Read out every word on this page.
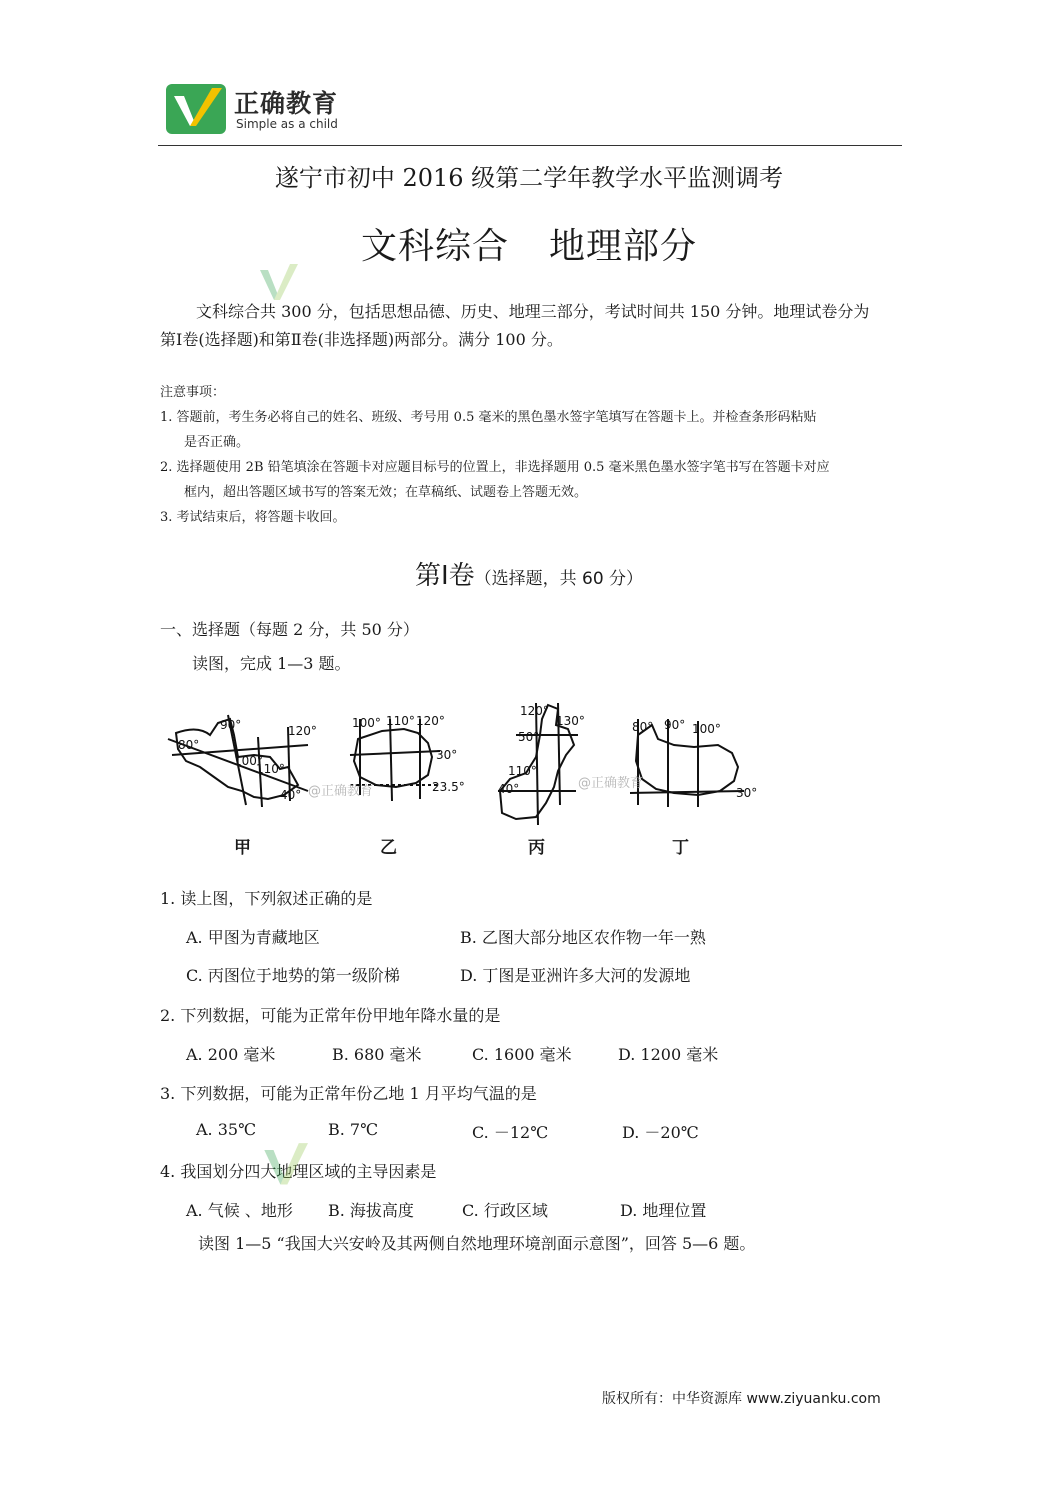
正确教育
Simple as a child
遂宁市初中 2016 级第二学年教学水平监测调考
文科综合 地理部分
文科综合共 300 分，包括思想品德、历史、地理三部分，考试时间共 150 分钟。地理试卷分为
第Ⅰ卷(选择题)和第Ⅱ卷(非选择题)两部分。满分 100 分。
注意事项：
1. 答题前，考生务必将自己的姓名、班级、考号用 0.5 毫米的黑色墨水签字笔填写在答题卡上。并检查条形码粘贴
是否正确。
2. 选择题使用 2B 铅笔填涂在答题卡对应题目标号的位置上，非选择题用 0.5 毫米黑色墨水签字笔书写在答题卡对应
框内，超出答题区域书写的答案无效；在草稿纸、试题卷上答题无效。
3. 考试结束后，将答题卡收回。
第Ⅰ卷（选择题，共 60 分）
一、选择题（每题 2 分，共 50 分）
读图，完成 1—3 题。
80°
90°
100°
110°
120°
40°
100° 110° 120°
30°
23.5°
120°
130°
50°
110°
40°
80° 90° 100°
30°
@正确教育
@正确教育
甲	乙	丙	丁
1. 读上图，下列叙述正确的是
A. 甲图为青藏地区	B. 乙图大部分地区农作物一年一熟
C. 丙图位于地势的第一级阶梯	D. 丁图是亚洲许多大河的发源地
2. 下列数据，可能为正常年份甲地年降水量的是
A. 200 毫米	B. 680 毫米	C. 1600 毫米	D. 1200 毫米
3. 下列数据，可能为正常年份乙地 1 月平均气温的是
A. 35℃	B. 7℃	C. －12℃	D. －20℃
4. 我国划分四大地理区域的主导因素是
A. 气候 、地形 B. 海拔高度	C. 行政区域	D. 地理位置
读图 1—5 “我国大兴安岭及其两侧自然地理环境剖面示意图”，回答 5—6 题。
版权所有：中华资源库 www.ziyuanku.com
